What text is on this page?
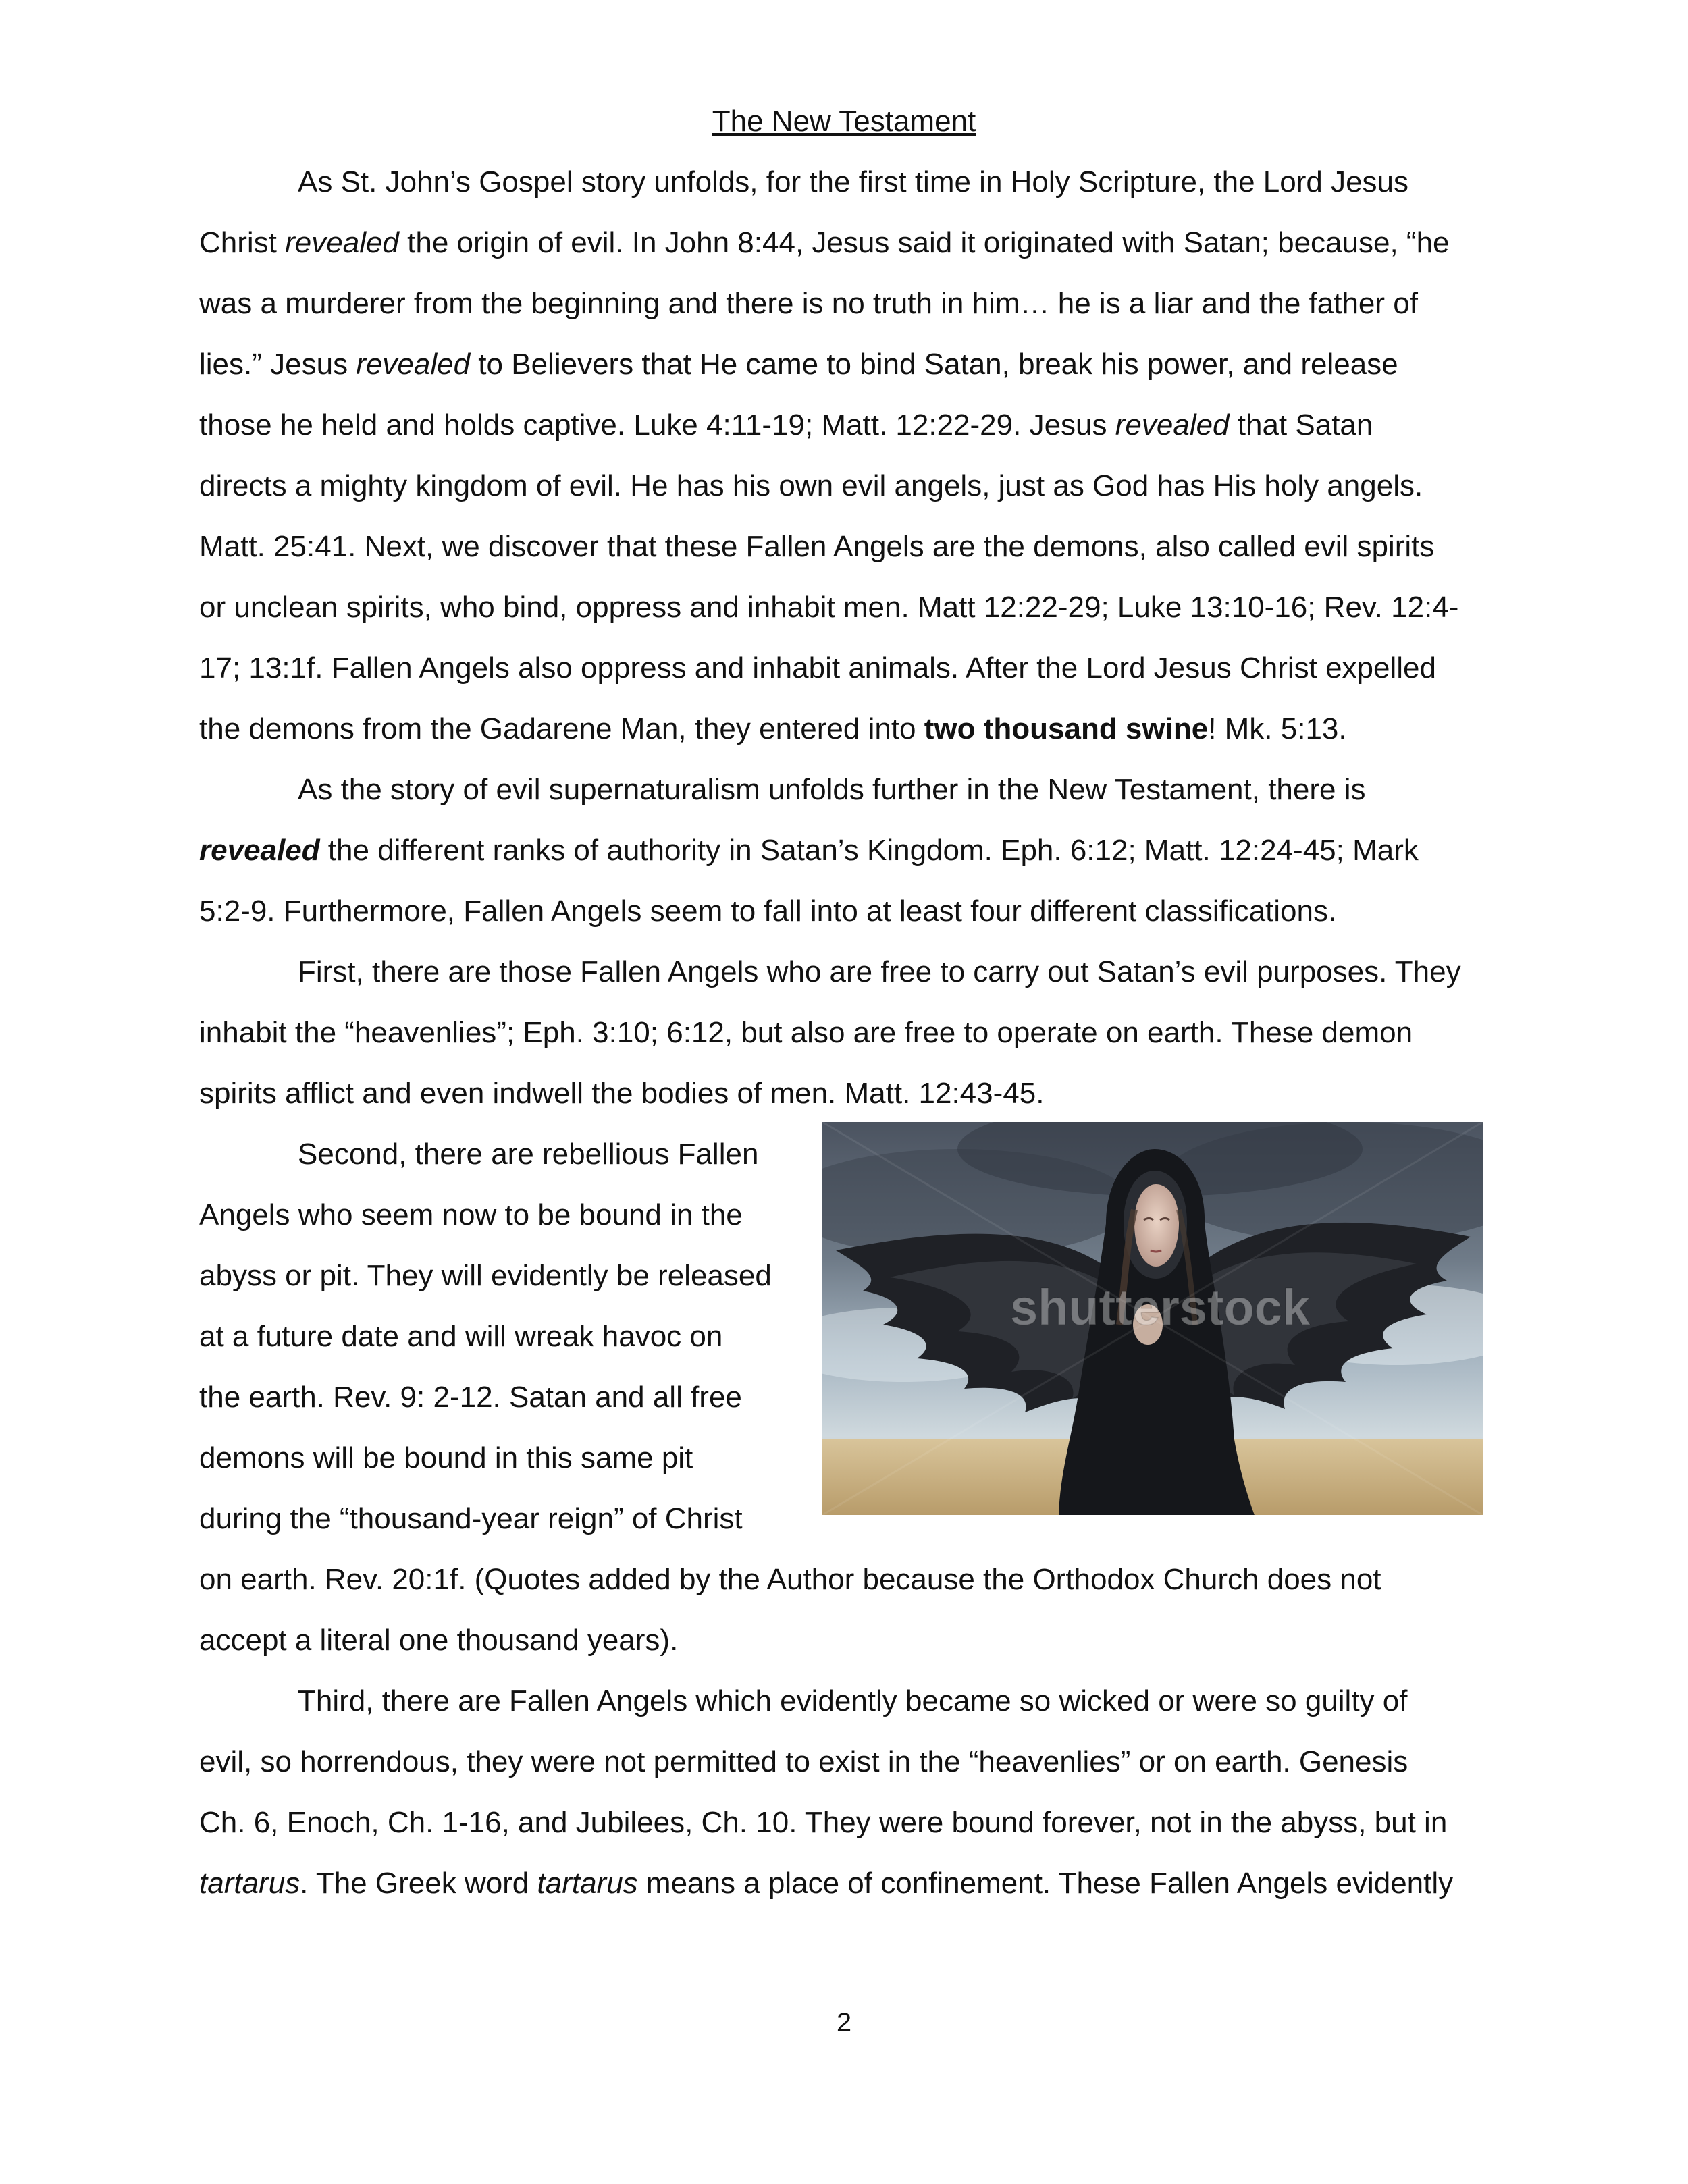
The New Testament
As St. John’s Gospel story unfolds, for the first time in Holy Scripture, the Lord Jesus
Christ revealed the origin of evil. In John 8:44, Jesus said it originated with Satan; because, “he
was a murderer from the beginning and there is no truth in him… he is a liar and the father of
lies.” Jesus revealed to Believers that He came to bind Satan, break his power, and release
those he held and holds captive. Luke 4:11-19; Matt. 12:22-29. Jesus revealed that Satan
directs a mighty kingdom of evil. He has his own evil angels, just as God has His holy angels.
Matt. 25:41. Next, we discover that these Fallen Angels are the demons, also called evil spirits
or unclean spirits, who bind, oppress and inhabit men. Matt 12:22-29; Luke 13:10-16; Rev. 12:4-
17; 13:1f. Fallen Angels also oppress and inhabit animals. After the Lord Jesus Christ expelled
the demons from the Gadarene Man, they entered into two thousand swine! Mk. 5:13.
As the story of evil supernaturalism unfolds further in the New Testament, there is
revealed the different ranks of authority in Satan’s Kingdom. Eph. 6:12; Matt. 12:24-45; Mark
5:2-9. Furthermore, Fallen Angels seem to fall into at least four different classifications.
First, there are those Fallen Angels who are free to carry out Satan’s evil purposes. They
inhabit the “heavenlies”; Eph. 3:10; 6:12, but also are free to operate on earth. These demon
spirits afflict and even indwell the bodies of men. Matt. 12:43-45.
Second, there are rebellious Fallen
Angels who seem now to be bound in the
abyss or pit. They will evidently be released
at a future date and will wreak havoc on
the earth. Rev. 9: 2-12. Satan and all free
demons will be bound in this same pit
during the “thousand-year reign” of Christ
on earth. Rev. 20:1f. (Quotes added by the Author because the Orthodox Church does not
accept a literal one thousand years).
Third, there are Fallen Angels which evidently became so wicked or were so guilty of
evil, so horrendous, they were not permitted to exist in the “heavenlies” or on earth. Genesis
Ch. 6, Enoch, Ch. 1-16, and Jubilees, Ch. 10. They were bound forever, not in the abyss, but in
tartarus. The Greek word tartarus means a place of confinement. These Fallen Angels evidently
shutterstock
2
